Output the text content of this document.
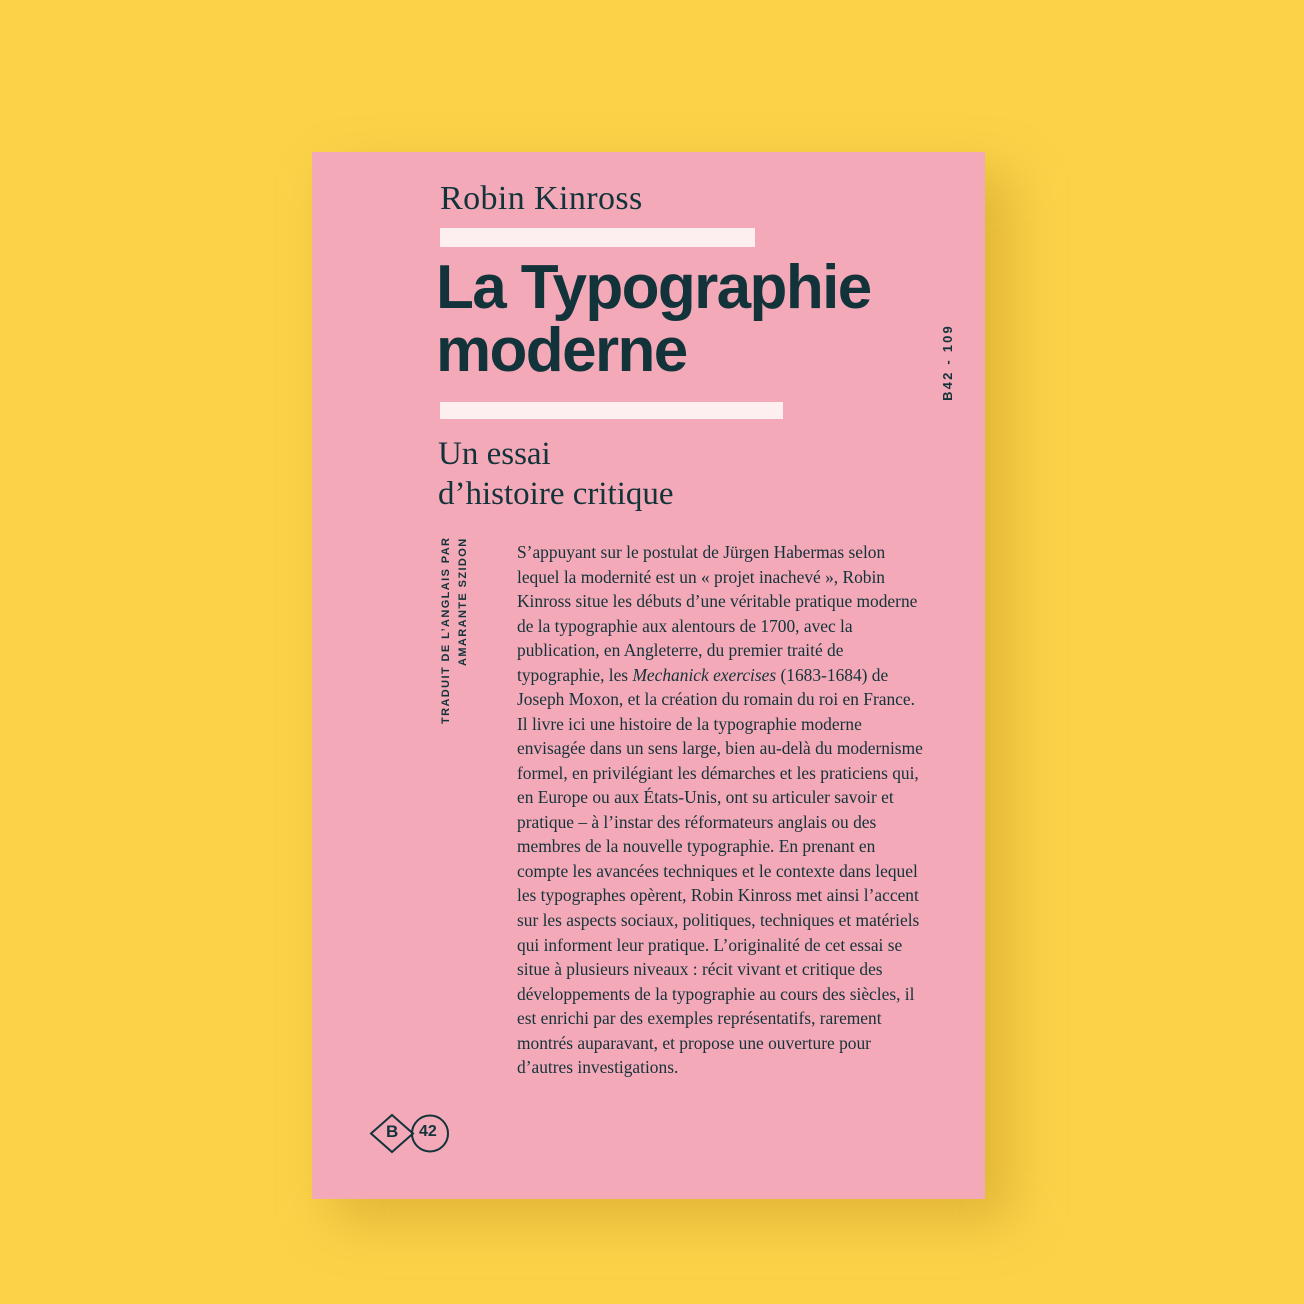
B42 - 109
Robin Kinross
La Typographie moderne
Un essai
d’histoire critique
TRADUIT DE L’ANGLAIS PAR AMARANTE SZIDON	S’appuyant sur le postulat de Jürgen Habermas selon lequel la modernité est un « projet inachevé », Robin Kinross situe les débuts d’une véritable pratique moderne de la typographie aux alentours de 1700, avec la publication, en Angleterre, du premier traité de typographie, les Mechanick exercises (1683-1684) de Joseph Moxon, et la création du romain du roi en France. Il livre ici une histoire de la typographie moderne envisagée dans un sens large, bien au-delà du modernisme formel, en privilégiant les démarches et les praticiens qui, en Europe ou aux États-Unis, ont su articuler savoir et pratique – à l’instar des réformateurs anglais ou des membres de la nouvelle typographie. En prenant en compte les avancées techniques et le contexte dans lequel les typographes opèrent, Robin Kinross met ainsi l’accent sur les aspects sociaux, politiques, techniques et matériels qui informent leur pratique. L’originalité de cet essai se situe à plusieurs niveaux : récit vivant et critique des développements de la typographie au cours des siècles, il est enrichi par des exemples représentatifs, rarement montrés auparavant, et propose une ouverture pour d’autres investigations.
B 42
